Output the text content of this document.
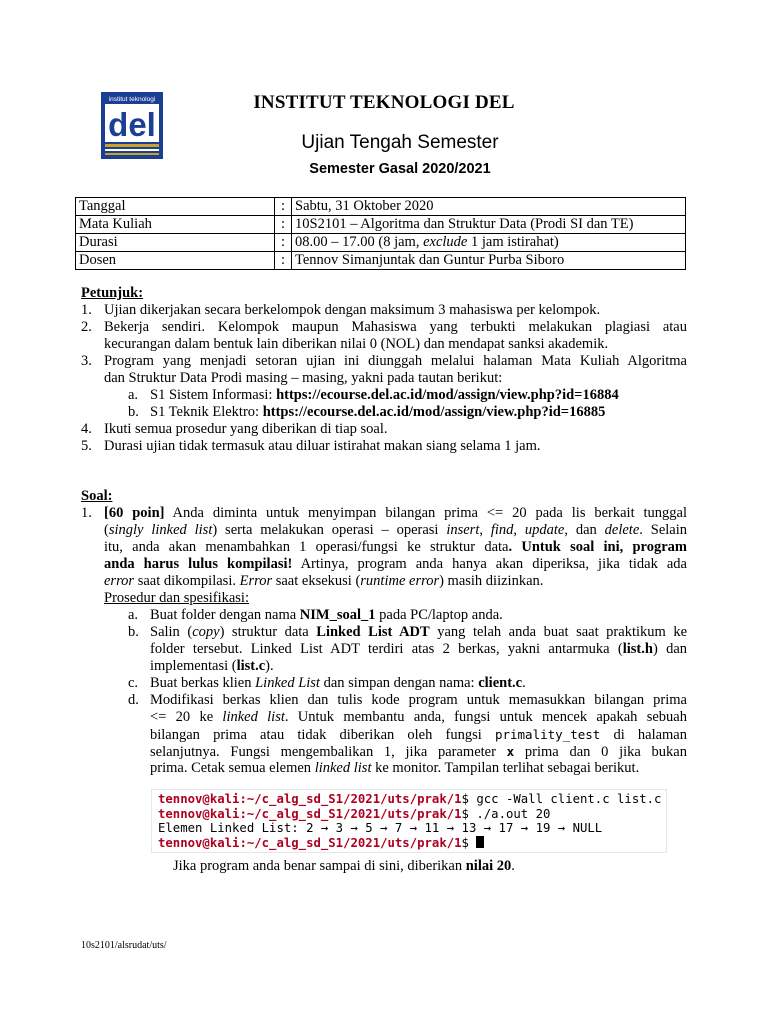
institut teknologi
del
INSTITUT TEKNOLOGI DEL
Ujian Tengah Semester
Semester Gasal 2020/2021
Tanggal	:	Sabtu, 31 Oktober 2020
Mata Kuliah	:	10S2101 – Algoritma dan Struktur Data (Prodi SI dan TE)
Durasi	:	08.00 – 17.00 (8 jam, exclude 1 jam istirahat)
Dosen	:	Tennov Simanjuntak dan Guntur Purba Siboro
Petunjuk:
1. Ujian dikerjakan secara berkelompok dengan maksimum 3 mahasiswa per kelompok.
2. Bekerja sendiri. Kelompok maupun Mahasiswa yang terbukti melakukan plagiasi atau
kecurangan dalam bentuk lain diberikan nilai 0 (NOL) dan mendapat sanksi akademik.
3. Program yang menjadi setoran ujian ini diunggah melalui halaman Mata Kuliah Algoritma
dan Struktur Data Prodi masing – masing, yakni pada tautan berikut:
a. S1 Sistem Informasi: https://ecourse.del.ac.id/mod/assign/view.php?id=16884
b. S1 Teknik Elektro: https://ecourse.del.ac.id/mod/assign/view.php?id=16885
4. Ikuti semua prosedur yang diberikan di tiap soal.
5. Durasi ujian tidak termasuk atau diluar istirahat makan siang selama 1 jam.
Soal:
1. [60 poin] Anda diminta untuk menyimpan bilangan prima <= 20 pada lis berkait tunggal
(singly linked list) serta melakukan operasi – operasi insert, find, update, dan delete. Selain
itu, anda akan menambahkan 1 operasi/fungsi ke struktur data. Untuk soal ini, program
anda harus lulus kompilasi! Artinya, program anda hanya akan diperiksa, jika tidak ada
error saat dikompilasi. Error saat eksekusi (runtime error) masih diizinkan.
Prosedur dan spesifikasi:
a. Buat folder dengan nama NIM_soal_1 pada PC/laptop anda.
b. Salin (copy) struktur data Linked List ADT yang telah anda buat saat praktikum ke
folder tersebut. Linked List ADT terdiri atas 2 berkas, yakni antarmuka (list.h) dan
implementasi (list.c).
c. Buat berkas klien Linked List dan simpan dengan nama: client.c.
d. Modifikasi berkas klien dan tulis kode program untuk memasukkan bilangan prima
<= 20 ke linked list. Untuk membantu anda, fungsi untuk mencek apakah sebuah
bilangan prima atau tidak diberikan oleh fungsi primality_test di halaman
selanjutnya. Fungsi mengembalikan 1, jika parameter x prima dan 0 jika bukan
prima. Cetak semua elemen linked list ke monitor. Tampilan terlihat sebagai berikut.
tennov@kali:~/c_alg_sd_S1/2021/uts/prak/1$ gcc -Wall client.c list.c
tennov@kali:~/c_alg_sd_S1/2021/uts/prak/1$ ./a.out 20
Elemen Linked List: 2 → 3 → 5 → 7 → 11 → 13 → 17 → 19 → NULL
tennov@kali:~/c_alg_sd_S1/2021/uts/prak/1$
Jika program anda benar sampai di sini, diberikan nilai 20.
10s2101/alsrudat/uts/
